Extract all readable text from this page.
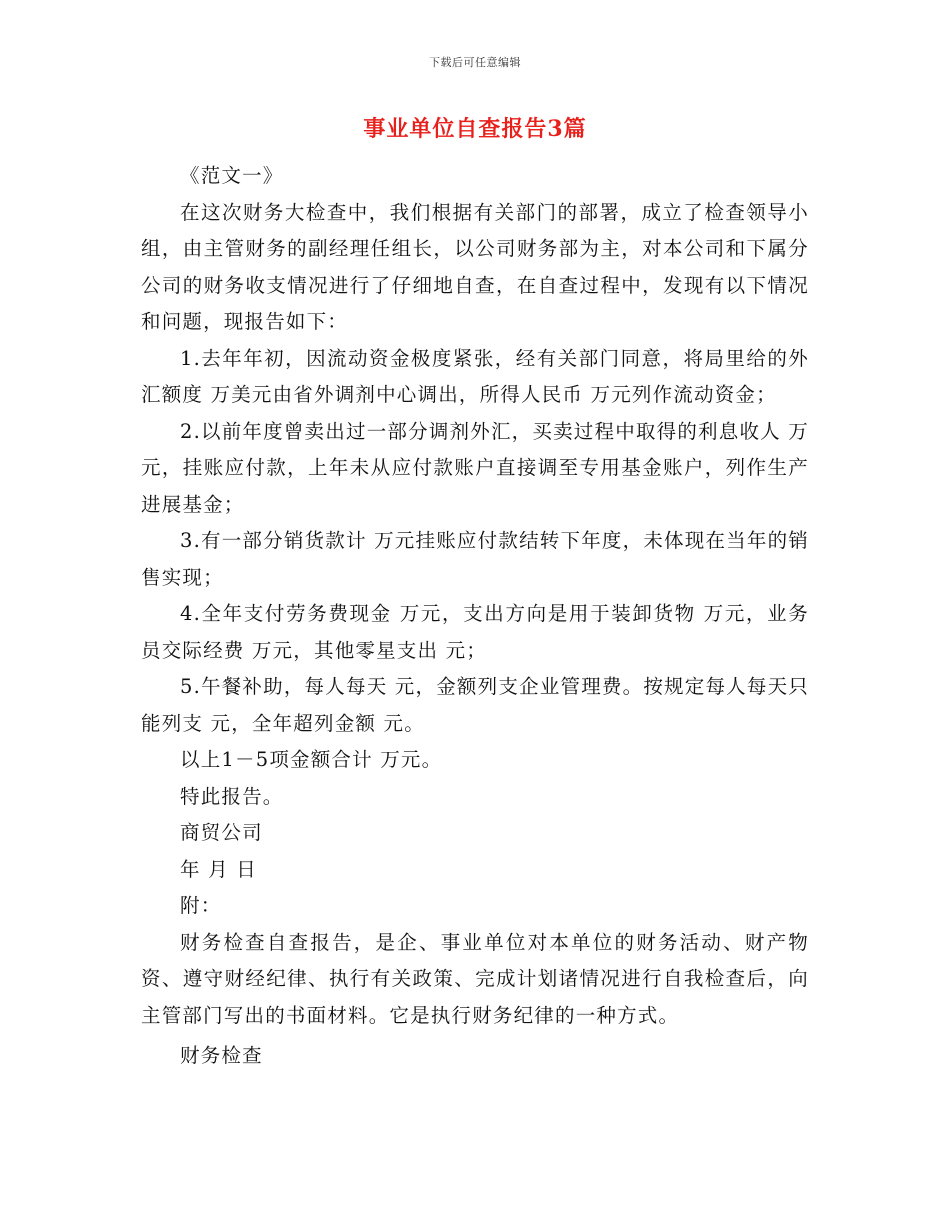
下载后可任意编辑
事业单位自查报告3篇

《范文一》

在这次财务大检查中，我们根据有关部门的部署，成立了检查领导小组，由主管财务的副经理任组长，以公司财务部为主，对本公司和下属分公司的财务收支情况进行了仔细地自查，在自查过程中，发现有以下情况和问题，现报告如下：

1.去年年初，因流动资金极度紧张，经有关部门同意，将局里给的外汇额度 万美元由省外调剂中心调出，所得人民币 万元列作流动资金；

2.以前年度曾卖出过一部分调剂外汇，买卖过程中取得的利息收人 万元，挂账应付款，上年未从应付款账户直接调至专用基金账户，列作生产进展基金；

3.有一部分销货款计 万元挂账应付款结转下年度，未体现在当年的销售实现；

4.全年支付劳务费现金 万元，支出方向是用于装卸货物 万元，业务员交际经费 万元，其他零星支出 元；

5.午餐补助，每人每天 元，金额列支企业管理费。按规定每人每天只能列支 元，全年超列金额 元。

以上1－5项金额合计 万元。

特此报告。

商贸公司

年 月 日

附：

财务检查自查报告，是企、事业单位对本单位的财务活动、财产物资、遵守财经纪律、执行有关政策、完成计划诸情况进行自我检查后，向主管部门写出的书面材料。它是执行财务纪律的一种方式。

财务检查
